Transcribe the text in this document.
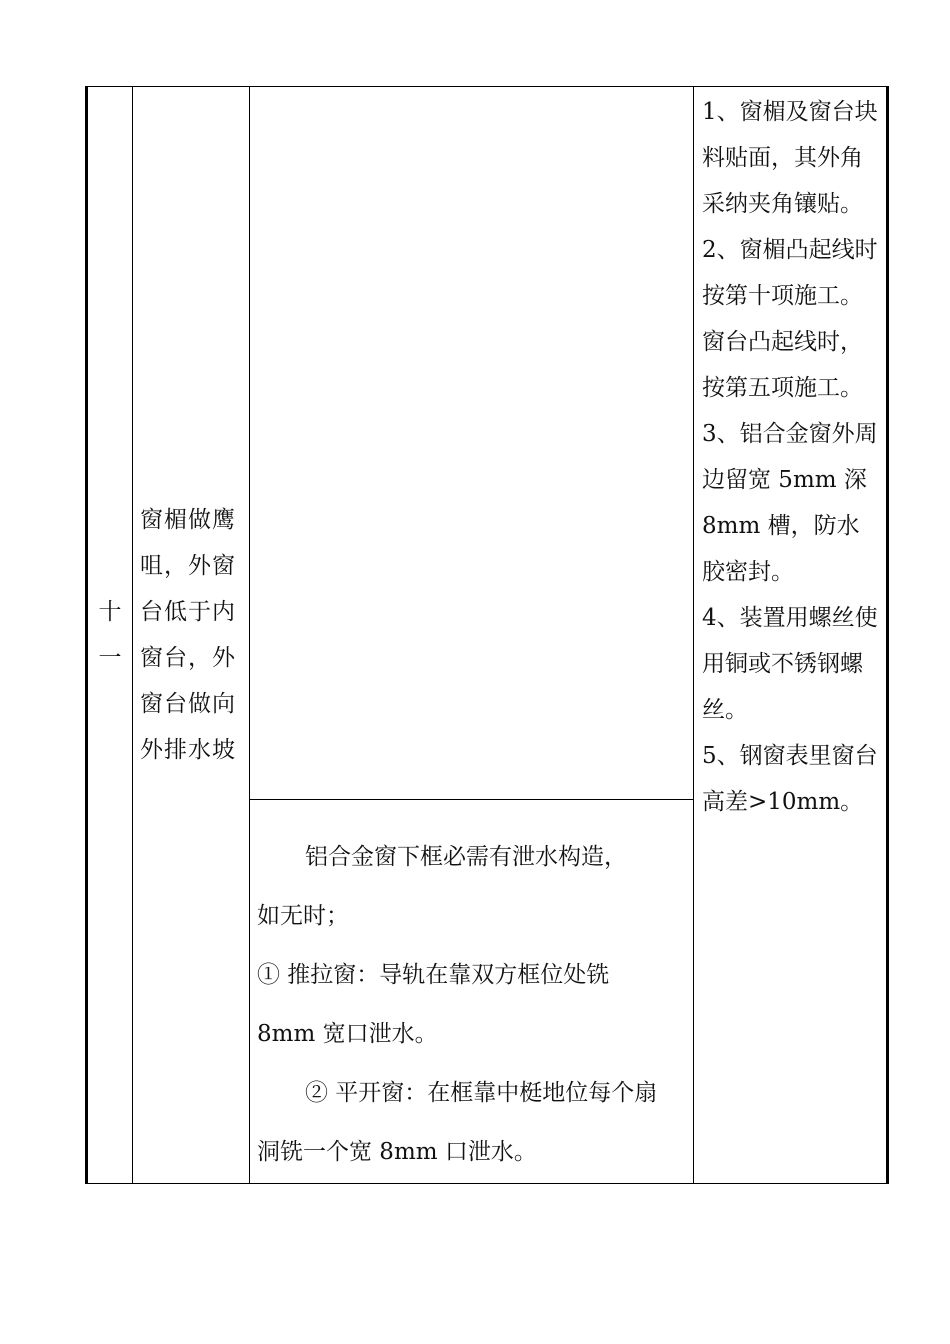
十一

窗楣做鹰咀，外窗台低于内窗台，外窗台做向外排水坡

铝合金窗下框必需有泄水构造，
如无时；
① 推拉窗：导轨在靠双方框位处铣
8mm 宽口泄水。
② 平开窗：在框靠中梃地位每个扇
洞铣一个宽 8mm 口泄水。
1、窗楣及窗台块料贴面，其外角采纳夹角镶贴。
2、窗楣凸起线时按第十项施工。窗台凸起线时，按第五项施工。
3、铝合金窗外周边留宽 5mm 深 8mm 槽，防水胶密封。
4、装置用螺丝使用铜或不锈钢螺丝。
5、钢窗表里窗台
高差>10mm。
